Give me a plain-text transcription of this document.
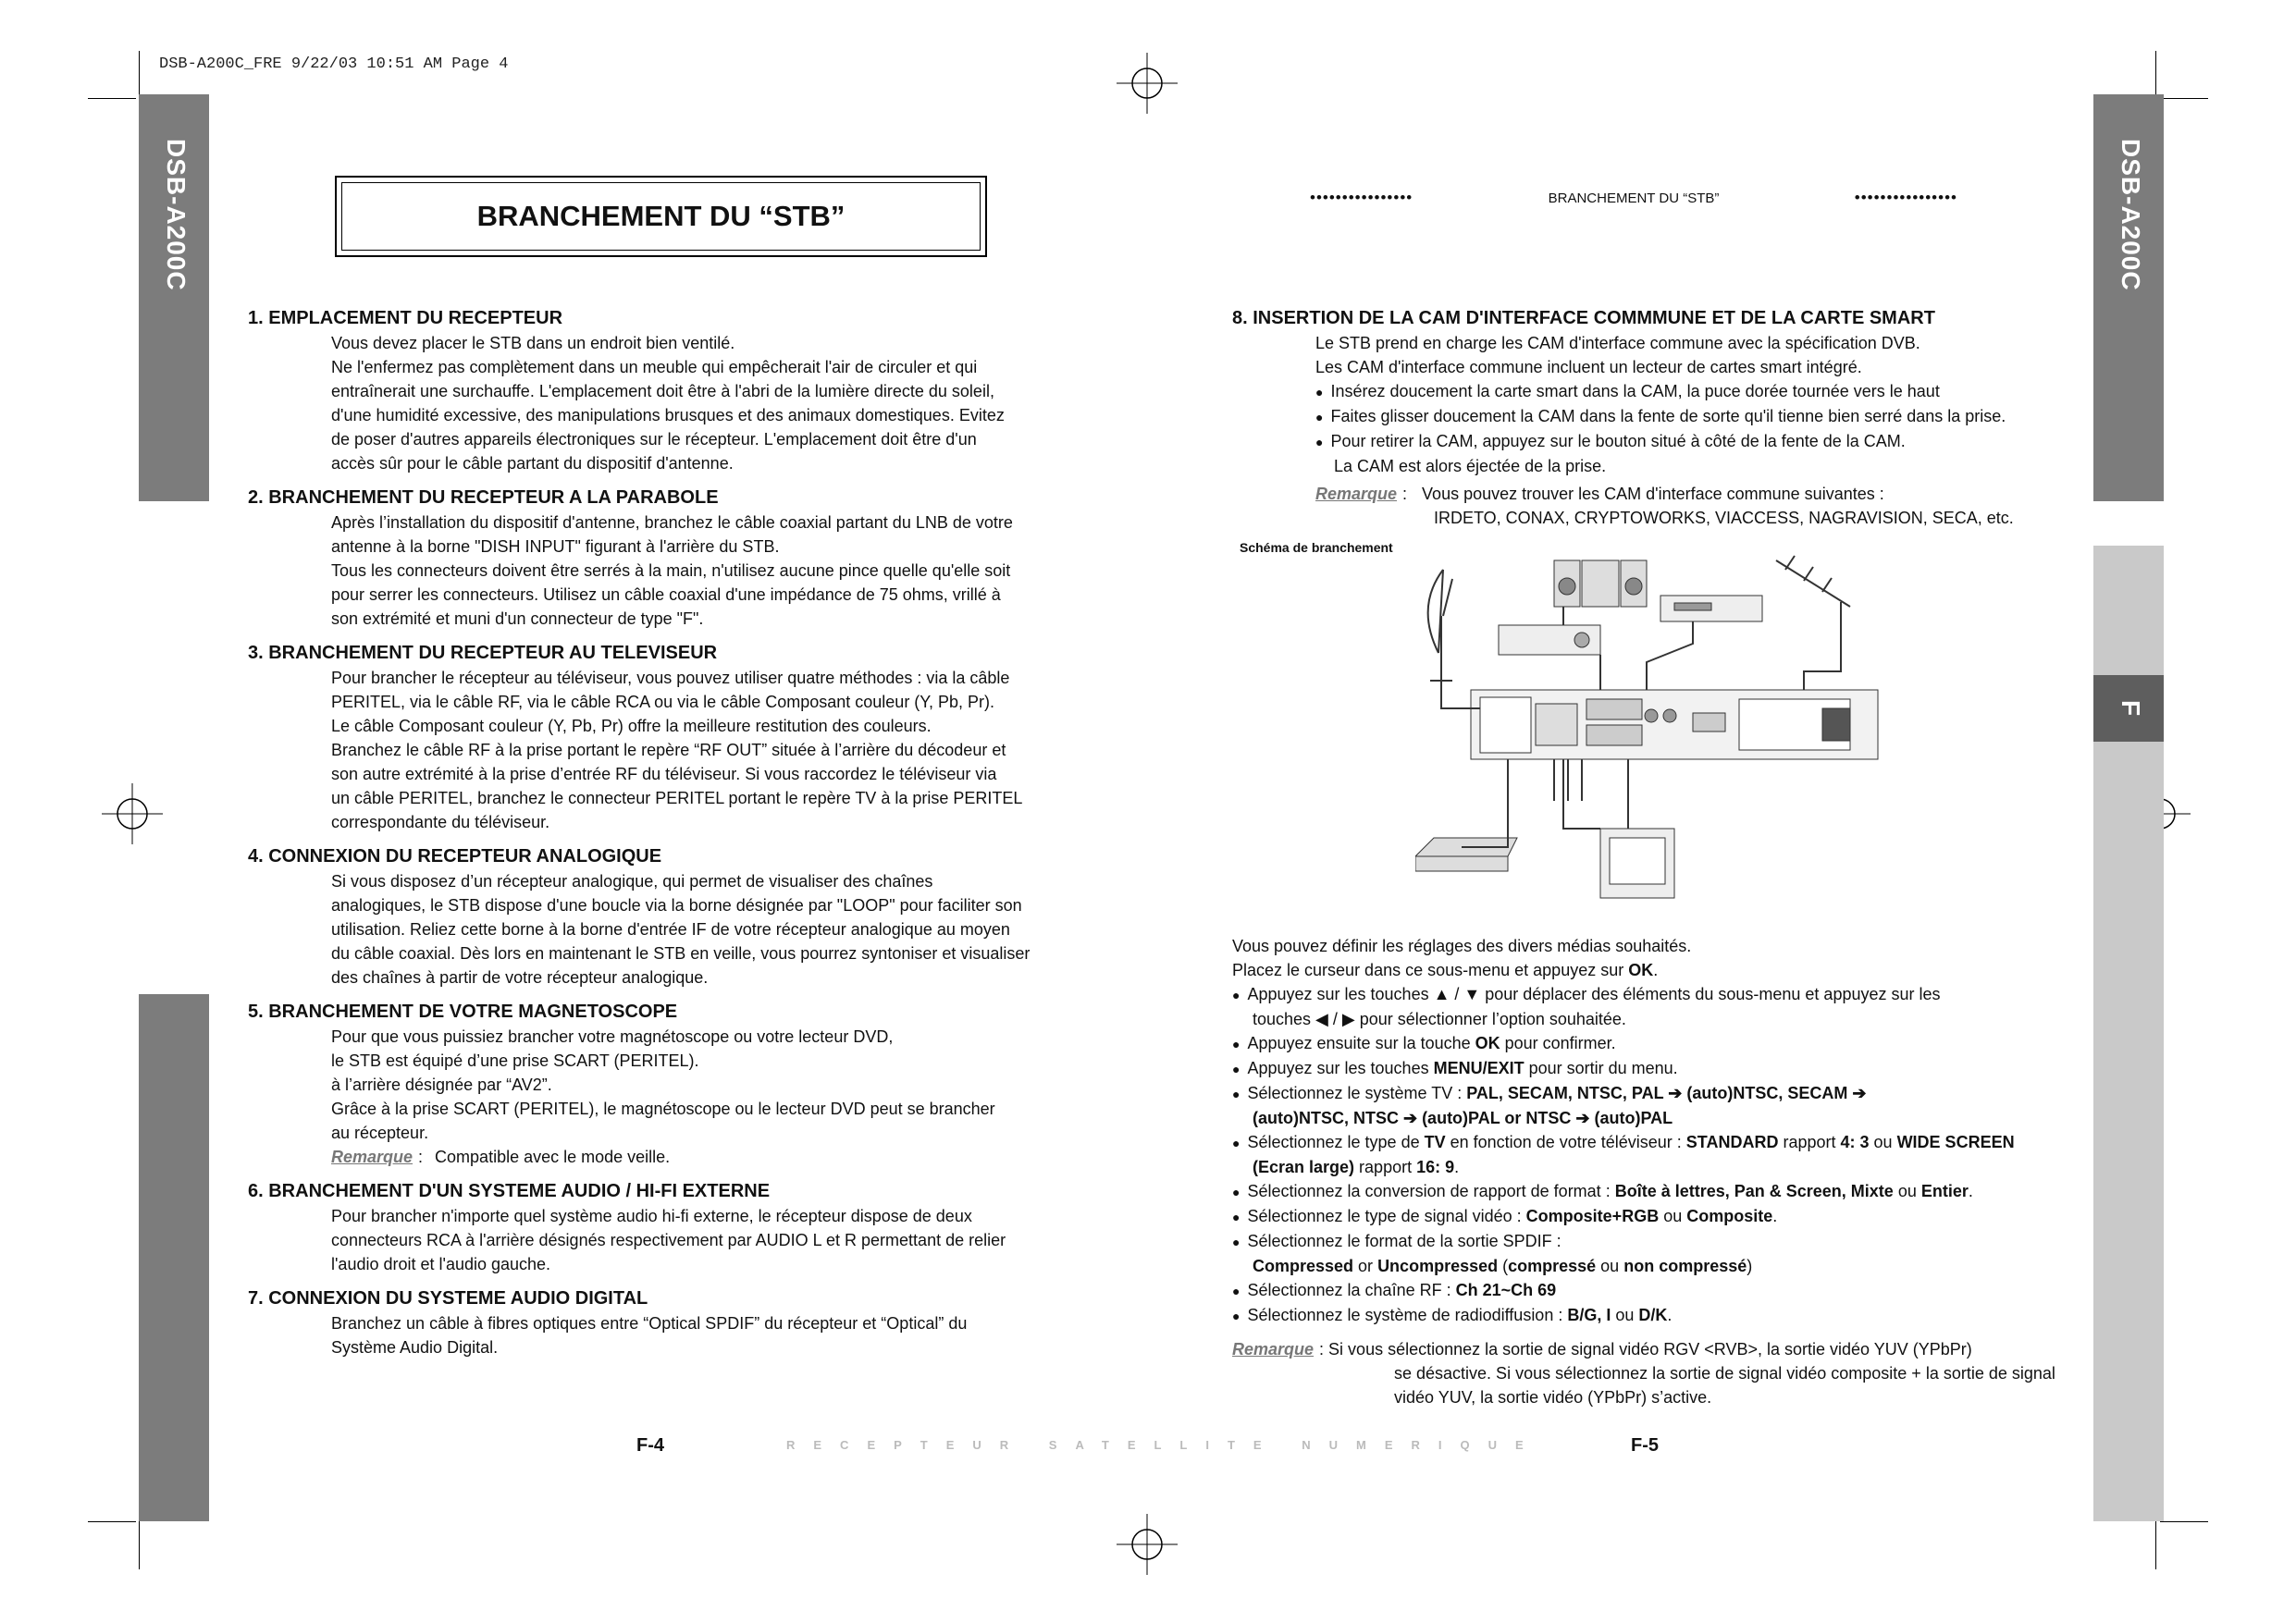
DSB-A200C_FRE 9/22/03 10:51 AM Page 4
DSB-A200C	DSB-A200C
F
BRANCHEMENT DU “STB”
1. EMPLACEMENT DU RECEPTEUR
Vous devez placer le STB dans un endroit bien ventilé.
Ne l'enfermez pas complètement dans un meuble qui empêcherait l'air de circuler et qui
entraînerait une surchauffe. L'emplacement doit être à l'abri de la lumière directe du soleil,
d'une humidité excessive, des manipulations brusques et des animaux domestiques. Evitez
de poser d'autres appareils électroniques sur le récepteur. L'emplacement doit être d'un
accès sûr pour le câble partant du dispositif d'antenne.
2. BRANCHEMENT DU RECEPTEUR A LA PARABOLE
Après l’installation du dispositif d'antenne, branchez le câble coaxial partant du LNB de votre
antenne à la borne "DISH INPUT" figurant à l'arrière du STB.
Tous les connecteurs doivent être serrés à la main, n'utilisez aucune pince quelle qu'elle soit
pour serrer les connecteurs. Utilisez un câble coaxial d'une impédance de 75 ohms, vrillé à
son extrémité et muni d'un connecteur de type "F".
3. BRANCHEMENT DU RECEPTEUR AU TELEVISEUR
Pour brancher le récepteur au téléviseur, vous pouvez utiliser quatre méthodes : via la câble
PERITEL, via le câble RF, via le câble RCA ou via le câble Composant couleur (Y, Pb, Pr).
Le câble Composant couleur (Y, Pb, Pr) offre la meilleure restitution des couleurs.
Branchez le câble RF à la prise portant le repère “RF OUT” située à l’arrière du décodeur et
son autre extrémité à la prise d’entrée RF du téléviseur. Si vous raccordez le téléviseur via
un câble PERITEL, branchez le connecteur PERITEL portant le repère TV à la prise PERITEL
correspondante du téléviseur.
4. CONNEXION DU RECEPTEUR ANALOGIQUE
Si vous disposez d’un récepteur analogique, qui permet de visualiser des chaînes
analogiques, le STB dispose d'une boucle via la borne désignée par "LOOP" pour faciliter son
utilisation. Reliez cette borne à la borne d'entrée IF de votre récepteur analogique au moyen
du câble coaxial. Dès lors en maintenant le STB en veille, vous pourrez syntoniser et visualiser
des chaînes à partir de votre récepteur analogique.
5. BRANCHEMENT DE VOTRE MAGNETOSCOPE
Pour que vous puissiez brancher votre magnétoscope ou votre lecteur DVD,
le STB est équipé d’une prise SCART (PERITEL).
à l’arrière désignée par “AV2”.
Grâce à la prise SCART (PERITEL), le magnétoscope ou le lecteur DVD peut se brancher
au récepteur.
Remarque : Compatible avec le mode veille.
6. BRANCHEMENT D'UN SYSTEME AUDIO / HI-FI EXTERNE
Pour brancher n'importe quel système audio hi-fi externe, le récepteur dispose de deux
connecteurs RCA à l'arrière désignés respectivement par AUDIO L et R permettant de relier
l'audio droit et l'audio gauche.
7. CONNEXION DU SYSTEME AUDIO DIGITAL
Branchez un câble à fibres optiques entre “Optical SPDIF” du récepteur et “Optical” du
Système Audio Digital.
••••••••••••••••	BRANCHEMENT DU “STB”	••••••••••••••••
8. INSERTION DE LA CAM D'INTERFACE COMMMUNE ET DE LA CARTE SMART
Le STB prend en charge les CAM d'interface commune avec la spécification DVB.
Les CAM d'interface commune incluent un lecteur de cartes smart intégré.
● Insérez doucement la carte smart dans la CAM, la puce dorée tournée vers le haut
● Faites glisser doucement la CAM dans la fente de sorte qu'il tienne bien serré dans la prise.
● Pour retirer la CAM, appuyez sur le bouton situé à côté de la fente de la CAM.
La CAM est alors éjectée de la prise.
Remarque : Vous pouvez trouver les CAM d'interface commune suivantes :
IRDETO, CONAX, CRYPTOWORKS, VIACCESS, NAGRAVISION, SECA, etc.
Schéma de branchement
Vous pouvez définir les réglages des divers médias souhaités.
Placez le curseur dans ce sous-menu et appuyez sur OK.
● Appuyez sur les touches ▲ / ▼ pour déplacer des éléments du sous-menu et appuyez sur les
touches ◀ / ▶ pour sélectionner l’option souhaitée.
● Appuyez ensuite sur la touche OK pour confirmer.
● Appuyez sur les touches MENU/EXIT pour sortir du menu.
● Sélectionnez le système TV : PAL, SECAM, NTSC, PAL ➔ (auto)NTSC, SECAM ➔
(auto)NTSC, NTSC ➔ (auto)PAL or NTSC ➔ (auto)PAL
● Sélectionnez le type de TV en fonction de votre téléviseur : STANDARD rapport 4: 3 ou WIDE SCREEN
(Ecran large) rapport 16: 9.
● Sélectionnez la conversion de rapport de format : Boîte à lettres, Pan & Screen, Mixte ou Entier.
● Sélectionnez le type de signal vidéo : Composite+RGB ou Composite.
● Sélectionnez le format de la sortie SPDIF :
Compressed or Uncompressed (compressé ou non compressé)
● Sélectionnez la chaîne RF : Ch 21~Ch 69
● Sélectionnez le système de radiodiffusion : B/G, I ou D/K.
Remarque : Si vous sélectionnez la sortie de signal vidéo RGV <RVB>, la sortie vidéo YUV (YPbPr)
se désactive. Si vous sélectionnez la sortie de signal vidéo composite + la sortie de signal
vidéo YUV, la sortie vidéo (YPbPr) s’active.
F-4	RECEPTEUR SATELLITE NUMERIQUE	F-5
